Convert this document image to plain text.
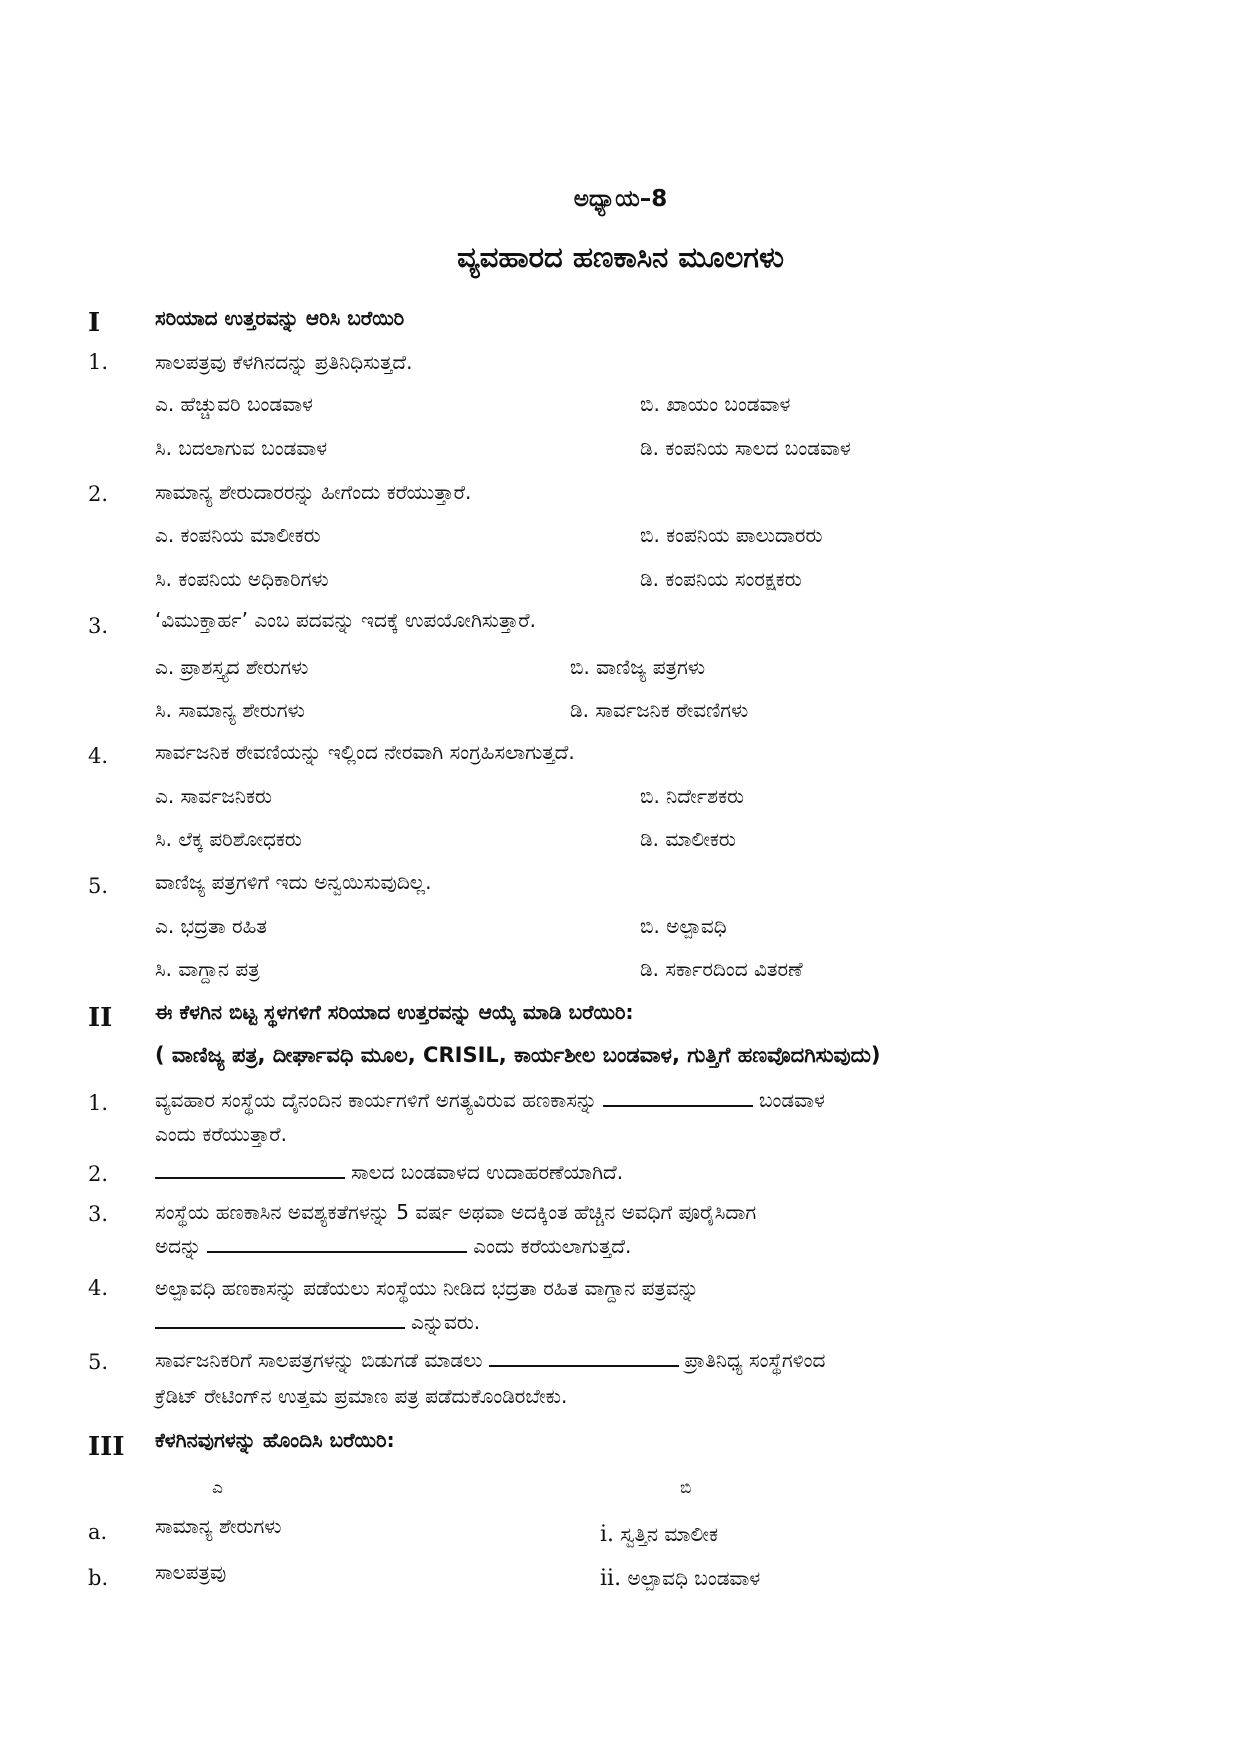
ಅಧ್ಯಾಯ–8
ವ್ಯವಹಾರದ ಹಣಕಾಸಿನ ಮೂಲಗಳು
I	ಸರಿಯಾದ ಉತ್ತರವನ್ನು ಆರಿಸಿ ಬರೆಯಿರಿ
1. ಸಾಲಪತ್ರವು ಕೆಳಗಿನದನ್ನು ಪ್ರತಿನಿಧಿಸುತ್ತದೆ.
ಎ. ಹೆಚ್ಚುವರಿ ಬಂಡವಾಳ	ಬಿ. ಖಾಯಂ ಬಂಡವಾಳ
ಸಿ. ಬದಲಾಗುವ ಬಂಡವಾಳ	ಡಿ. ಕಂಪನಿಯ ಸಾಲದ ಬಂಡವಾಳ
2. ಸಾಮಾನ್ಯ ಶೇರುದಾರರನ್ನು ಹೀಗೆಂದು ಕರೆಯುತ್ತಾರೆ.
ಎ. ಕಂಪನಿಯ ಮಾಲೀಕರು	ಬಿ. ಕಂಪನಿಯ ಪಾಲುದಾರರು
ಸಿ. ಕಂಪನಿಯ ಅಧಿಕಾರಿಗಳು	ಡಿ. ಕಂಪನಿಯ ಸಂರಕ್ಷಕರು
3. ‘ವಿಮುಕ್ತಾರ್ಹ’ ಎಂಬ ಪದವನ್ನು ಇದಕ್ಕೆ ಉಪಯೋಗಿಸುತ್ತಾರೆ.
ಎ. ಪ್ರಾಶಸ್ತ್ಯದ ಶೇರುಗಳು	ಬಿ. ವಾಣಿಜ್ಯ ಪತ್ರಗಳು
ಸಿ. ಸಾಮಾನ್ಯ ಶೇರುಗಳು	ಡಿ. ಸಾರ್ವಜನಿಕ ಠೇವಣಿಗಳು
4. ಸಾರ್ವಜನಿಕ ಠೇವಣಿಯನ್ನು ಇಲ್ಲಿಂದ ನೇರವಾಗಿ ಸಂಗ್ರಹಿಸಲಾಗುತ್ತದೆ.
ಎ. ಸಾರ್ವಜನಿಕರು	ಬಿ. ನಿರ್ದೇಶಕರು
ಸಿ. ಲೆಕ್ಕ ಪರಿಶೋಧಕರು	ಡಿ. ಮಾಲೀಕರು
5. ವಾಣಿಜ್ಯ ಪತ್ರಗಳಿಗೆ ಇದು ಅನ್ವಯಿಸುವುದಿಲ್ಲ.
ಎ. ಭದ್ರತಾ ರಹಿತ	ಬಿ. ಅಲ್ಪಾವಧಿ
ಸಿ. ವಾಗ್ದಾನ ಪತ್ರ	ಡಿ. ಸರ್ಕಾರದಿಂದ ವಿತರಣೆ
II ಈ ಕೆಳಗಿನ ಬಿಟ್ಟ ಸ್ಥಳಗಳಿಗೆ ಸರಿಯಾದ ಉತ್ತರವನ್ನು ಆಯ್ಕೆ ಮಾಡಿ ಬರೆಯಿರಿ:
( ವಾಣಿಜ್ಯ ಪತ್ರ, ದೀರ್ಘಾವಧಿ ಮೂಲ, CRISIL, ಕಾರ್ಯಶೀಲ ಬಂಡವಾಳ, ಗುತ್ತಿಗೆ ಹಣವೊದಗಿಸುವುದು)
1. ವ್ಯವಹಾರ ಸಂಸ್ಥೆಯ ದೈನಂದಿನ ಕಾರ್ಯಗಳಿಗೆ ಅಗತ್ಯವಿರುವ ಹಣಕಾಸನ್ನು	ಬಂಡವಾಳ
ಎಂದು ಕರೆಯುತ್ತಾರೆ.
2.	ಸಾಲದ ಬಂಡವಾಳದ ಉದಾಹರಣೆಯಾಗಿದೆ.
3. ಸಂಸ್ಥೆಯ ಹಣಕಾಸಿನ ಅವಶ್ಯಕತೆಗಳನ್ನು 5 ವರ್ಷ ಅಥವಾ ಅದಕ್ಕಿಂತ ಹೆಚ್ಚಿನ ಅವಧಿಗೆ ಪೂರೈಸಿದಾಗ
ಅದನ್ನು	ಎಂದು ಕರೆಯಲಾಗುತ್ತದೆ.
4. ಅಲ್ಪಾವಧಿ ಹಣಕಾಸನ್ನು ಪಡೆಯಲು ಸಂಸ್ಥೆಯು ನೀಡಿದ ಭದ್ರತಾ ರಹಿತ ವಾಗ್ದಾನ ಪತ್ರವನ್ನು
ಎನ್ನುವರು.
5. ಸಾರ್ವಜನಿಕರಿಗೆ ಸಾಲಪತ್ರಗಳನ್ನು ಬಿಡುಗಡೆ ಮಾಡಲು	ಪ್ರಾತಿನಿಧ್ಯ ಸಂಸ್ಥೆಗಳಿಂದ
ಕ್ರೆಡಿಟ್ ರೇಟಿಂಗ್‌ನ ಉತ್ತಮ ಪ್ರಮಾಣ ಪತ್ರ ಪಡೆದುಕೊಂಡಿರಬೇಕು.
III ಕೆಳಗಿನವುಗಳನ್ನು ಹೊಂದಿಸಿ ಬರೆಯಿರಿ:
ಎ	ಬಿ
a. ಸಾಮಾನ್ಯ ಶೇರುಗಳು	i. ಸ್ವತ್ತಿನ ಮಾಲೀಕ
b. ಸಾಲಪತ್ರವು	ii. ಅಲ್ಪಾವಧಿ ಬಂಡವಾಳ
